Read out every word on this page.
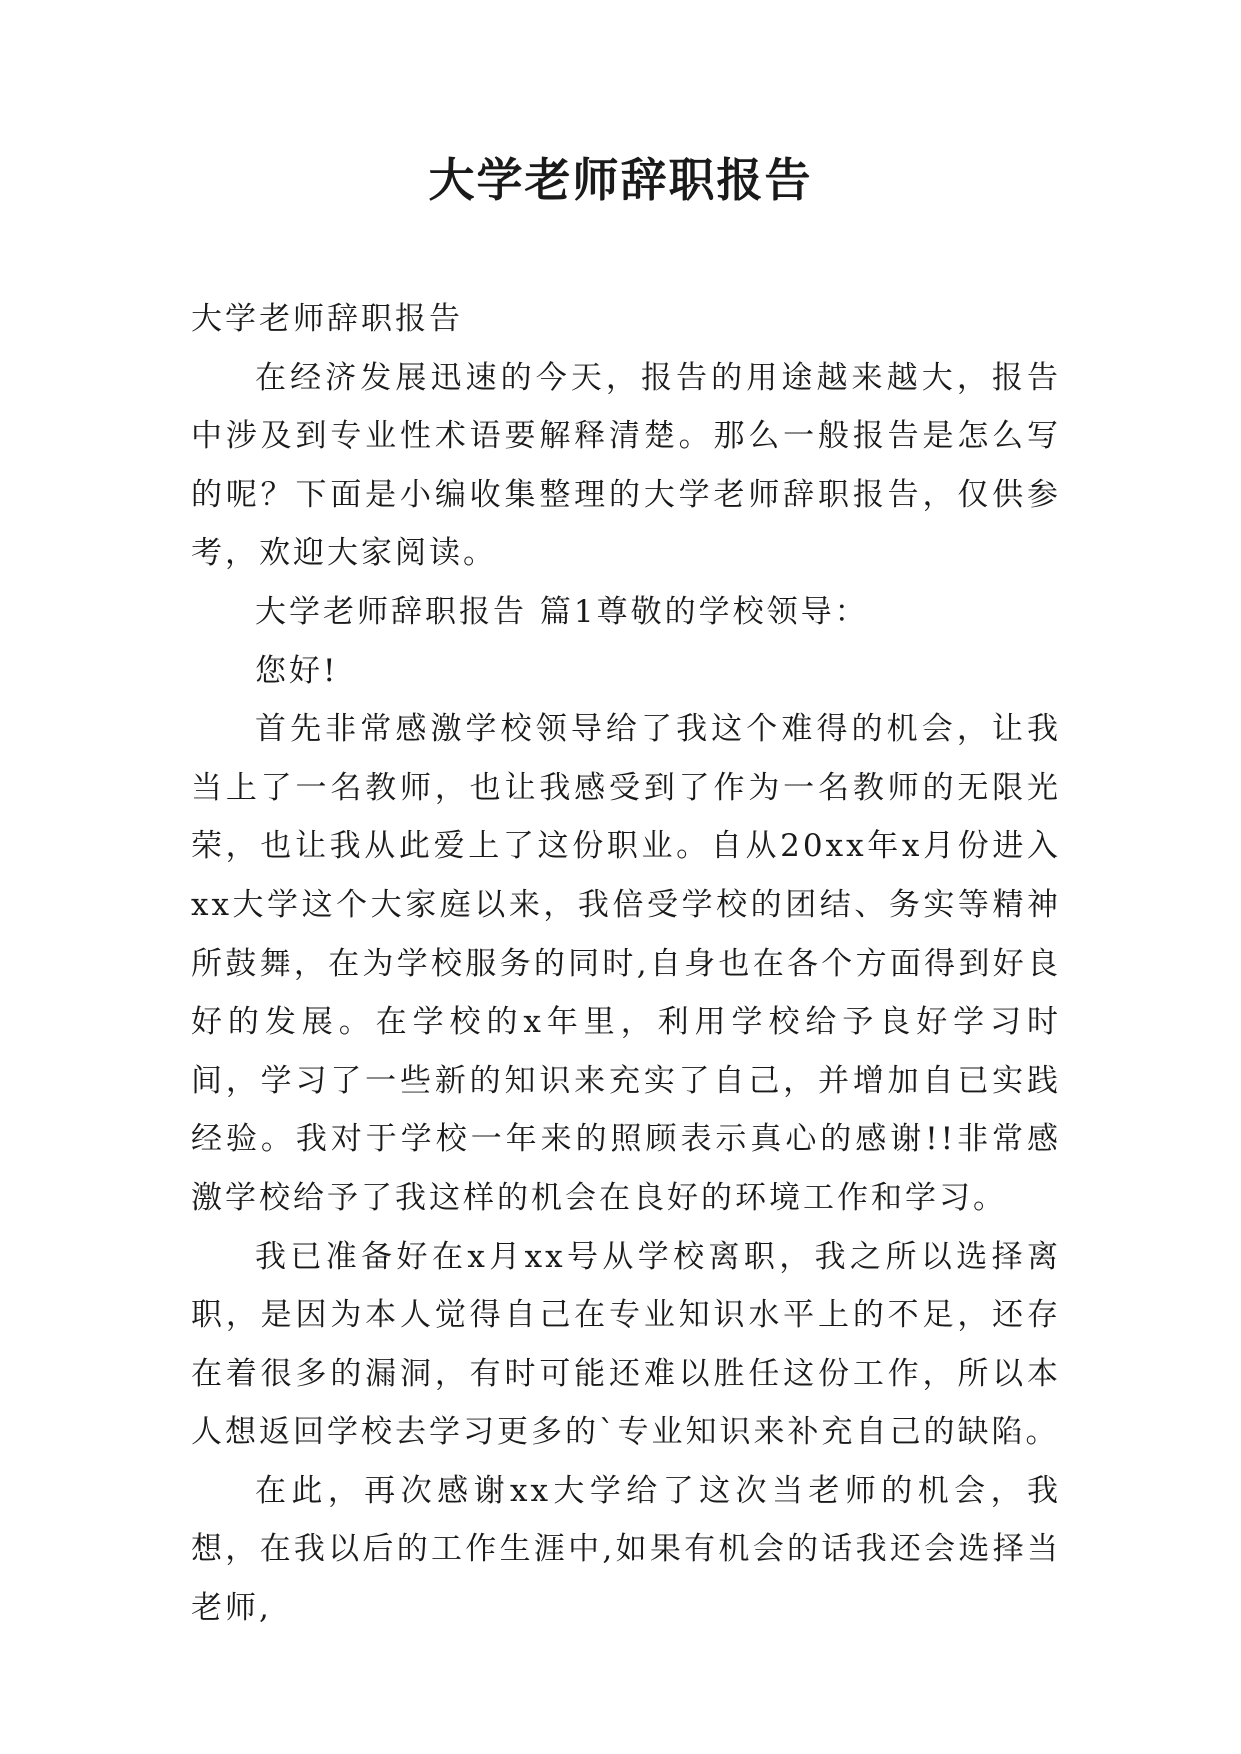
大学老师辞职报告

大学老师辞职报告

在经济发展迅速的今天，报告的用途越来越大，报告中涉及到专业性术语要解释清楚。那么一般报告是怎么写的呢？下面是小编收集整理的大学老师辞职报告，仅供参考，欢迎大家阅读。

大学老师辞职报告 篇1尊敬的学校领导：

您好!

首先非常感激学校领导给了我这个难得的机会，让我当上了一名教师，也让我感受到了作为一名教师的无限光荣，也让我从此爱上了这份职业。自从20xx年x月份进入xx大学这个大家庭以来，我倍受学校的团结、务实等精神所鼓舞，在为学校服务的同时,自身也在各个方面得到好良好的发展。在学校的x年里，利用学校给予良好学习时间，学习了一些新的知识来充实了自己，并增加自已实践经验。我对于学校一年来的照顾表示真心的感谢!!非常感激学校给予了我这样的机会在良好的环境工作和学习。

我已准备好在x月xx号从学校离职，我之所以选择离职，是因为本人觉得自己在专业知识水平上的不足，还存在着很多的漏洞，有时可能还难以胜任这份工作，所以本人想返回学校去学习更多的`专业知识来补充自己的缺陷。

在此，再次感谢xx大学给了这次当老师的机会，我想，在我以后的工作生涯中,如果有机会的话我还会选择当老师,
